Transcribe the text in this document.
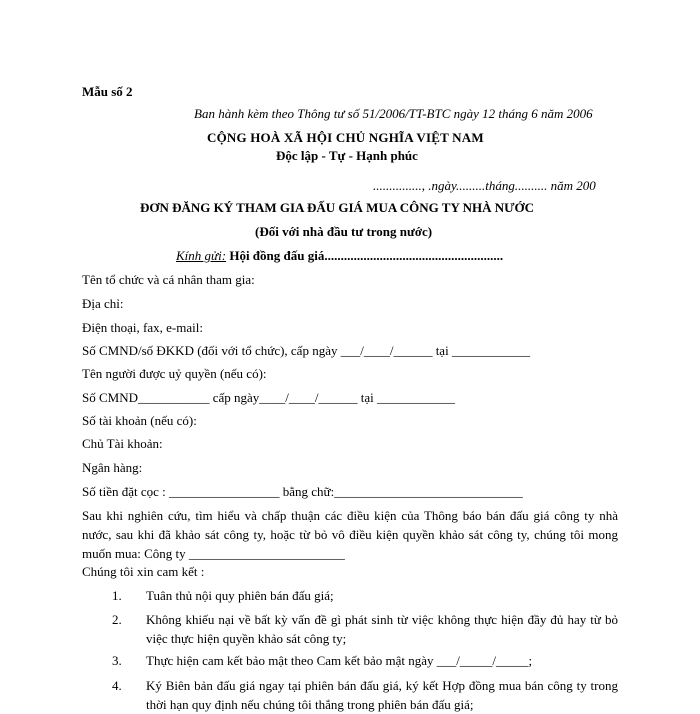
Mẫu số 2
Ban hành kèm theo Thông tư số 51/2006/TT-BTC ngày 12 tháng 6 năm 2006
CỘNG HOÀ XÃ HỘI CHỦ NGHĨA VIỆT NAM
Độc lập - Tự - Hạnh phúc
..............., .ngày.........tháng.......... năm 200
ĐƠN ĐĂNG KÝ THAM GIA ĐẤU GIÁ MUA CÔNG TY NHÀ NƯỚC
(Đối với nhà đầu tư trong nước)
Kính gửi: Hội đồng đấu giá.......................................................
Tên tổ chức và cá nhân tham gia:
Địa chỉ:
Điện thoại, fax, e-mail:
Số CMND/số ĐKKD (đối với tổ chức), cấp ngày ___/____/______ tại ____________
Tên người được uỷ quyền (nếu có):
Số CMND___________ cấp ngày____/____/______ tại ____________
Số tài khoản (nếu có):
Chủ Tài khoản:
Ngân hàng:
Số tiền đặt cọc : _________________ bằng chữ:_____________________________
Sau khi nghiên cứu, tìm hiểu và chấp thuận các điều kiện của Thông báo bán đấu giá công ty nhà nước, sau khi đã khảo sát công ty, hoặc từ bỏ vô điều kiện quyền khảo sát công ty, chúng tôi mong muốn mua: Công ty ________________________
Chúng tôi xin cam kết :
1. Tuân thủ nội quy phiên bán đấu giá;
2. Không khiếu nại về bất kỳ vấn đề gì phát sinh từ việc không thực hiện đầy đủ hay từ bỏ việc thực hiện quyền khảo sát công ty;
3. Thực hiện cam kết bảo mật theo Cam kết bảo mật ngày ___/_____/_____;
4. Ký Biên bản đấu giá ngay tại phiên bán đấu giá, ký kết Hợp đồng mua bán công ty trong thời hạn quy định nếu chúng tôi thắng trong phiên bán đấu giá;
